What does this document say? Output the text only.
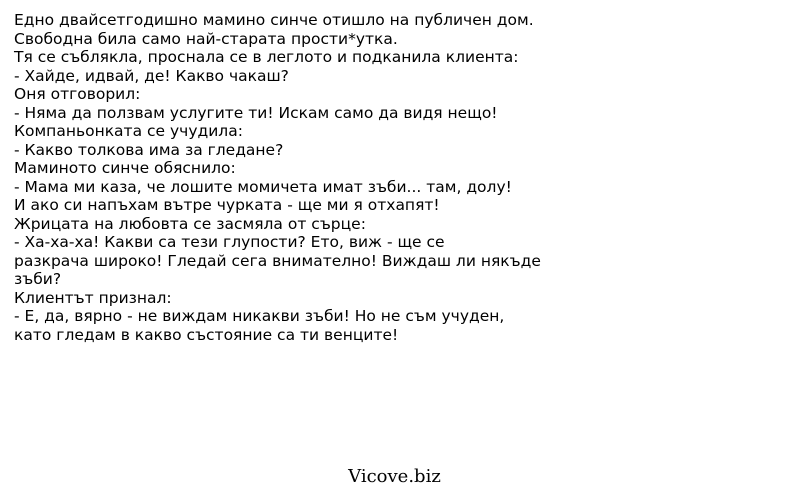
Едно двайсетгодишно мамино синче отишло на публичен дом.
Свободна била само най-старата прости*утка.
Тя се съблякла, проснала се в леглото и подканила клиента:
- Хайде, идвай, де! Какво чакаш?
Оня отговорил:
- Няма да ползвам услугите ти! Искам само да видя нещо!
Компаньонката се учудила:
- Какво толкова има за гледане?
Маминото синче обяснило:
- Мама ми каза, че лошите момичета имат зъби... там, долу!
И ако си напъхам вътре чурката - ще ми я отхапят!
Жрицата на любовта се засмяла от сърце:
- Ха-ха-ха! Какви са тези глупости? Ето, виж - ще се
разкрача широко! Гледай сега внимателно! Виждаш ли някъде
зъби?
Клиентът признал:
- Е, да, вярно - не виждам никакви зъби! Но не съм учуден,
като гледам в какво състояние са ти венците!
Vicove.biz
